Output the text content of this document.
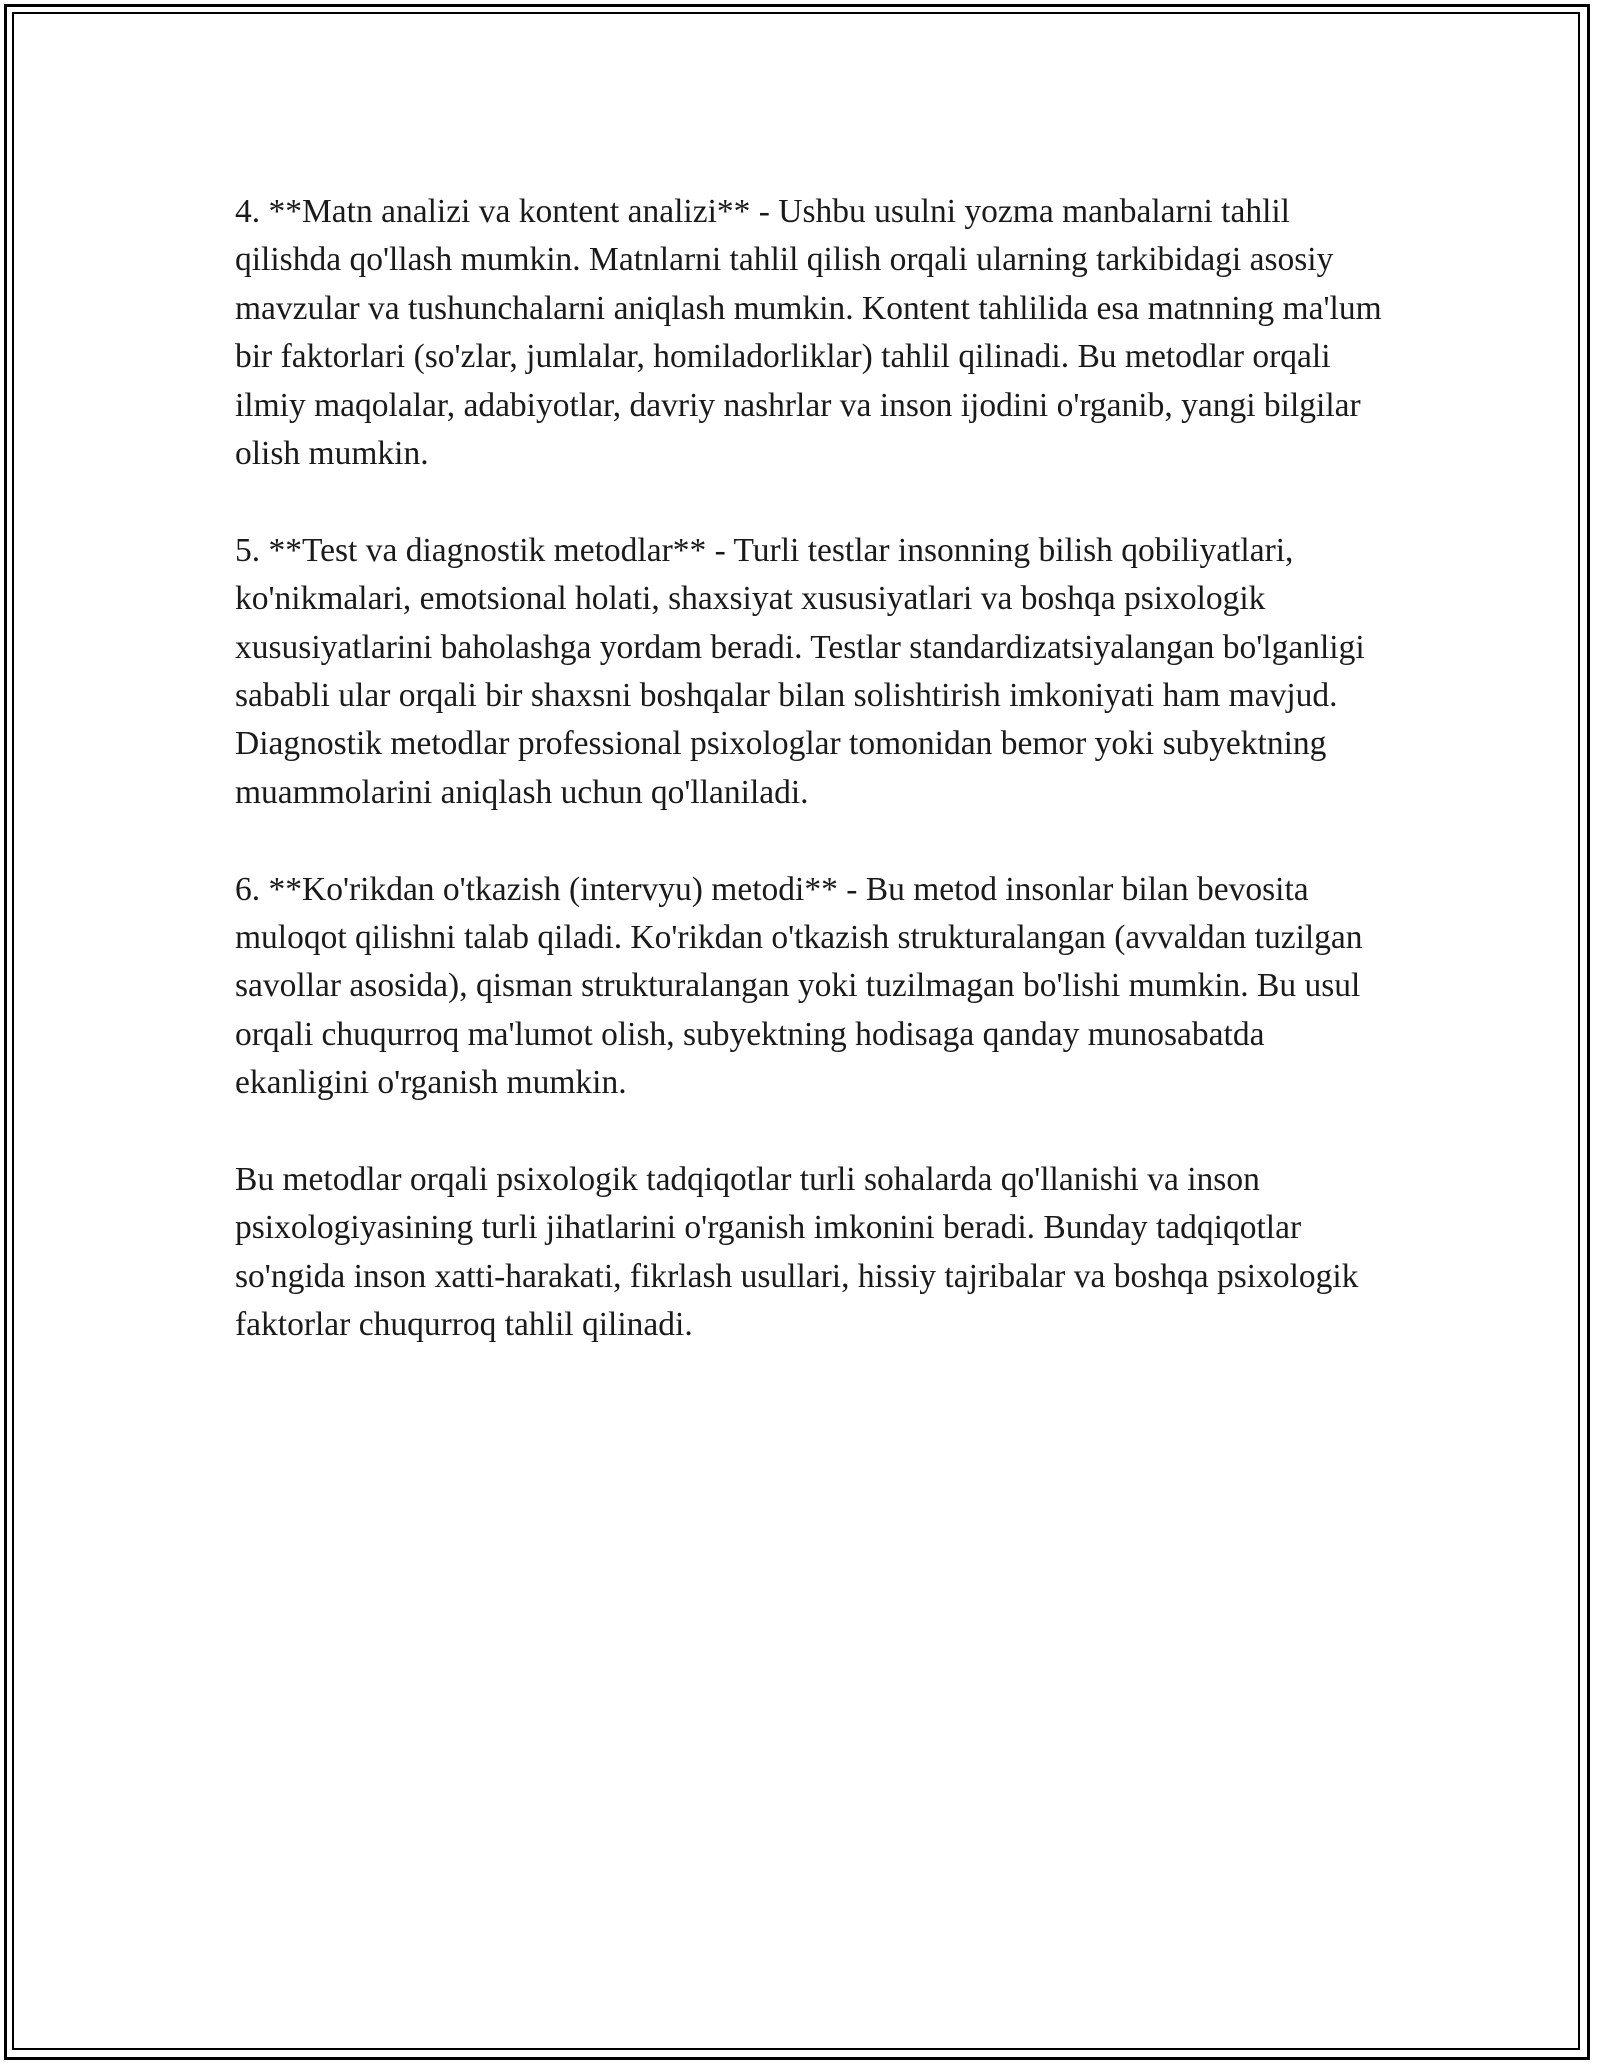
4. **Matn analizi va kontent analizi** - Ushbu usulni yozma manbalarni tahlil qilishda qo'llash mumkin. Matnlarni tahlil qilish orqali ularning tarkibidagi asosiy mavzular va tushunchalarni aniqlash mumkin. Kontent tahlilida esa matnning ma'lum bir faktorlari (so'zlar, jumlalar, homiladorliklar) tahlil qilinadi. Bu metodlar orqali ilmiy maqolalar, adabiyotlar, davriy nashrlar va inson ijodini o'rganib, yangi bilgilar olish mumkin.

5. **Test va diagnostik metodlar** - Turli testlar insonning bilish qobiliyatlari, ko'nikmalari, emotsional holati, shaxsiyat xususiyatlari va boshqa psixologik xususiyatlarini baholashga yordam beradi. Testlar standardizatsiyalangan bo'lganligi sababli ular orqali bir shaxsni boshqalar bilan solishtirish imkoniyati ham mavjud. Diagnostik metodlar professional psixologlar tomonidan bemor yoki subyektning muammolarini aniqlash uchun qo'llaniladi.

6. **Ko'rikdan o'tkazish (intervyu) metodi** - Bu metod insonlar bilan bevosita muloqot qilishni talab qiladi. Ko'rikdan o'tkazish strukturalangan (avvaldan tuzilgan savollar asosida), qisman strukturalangan yoki tuzilmagan bo'lishi mumkin. Bu usul orqali chuqurroq ma'lumot olish, subyektning hodisaga qanday munosabatda ekanligini o'rganish mumkin.

Bu metodlar orqali psixologik tadqiqotlar turli sohalarda qo'llanishi va inson psixologiyasining turli jihatlarini o'rganish imkonini beradi. Bunday tadqiqotlar so'ngida inson xatti-harakati, fikrlash usullari, hissiy tajribalar va boshqa psixologik faktorlar chuqurroq tahlil qilinadi.
